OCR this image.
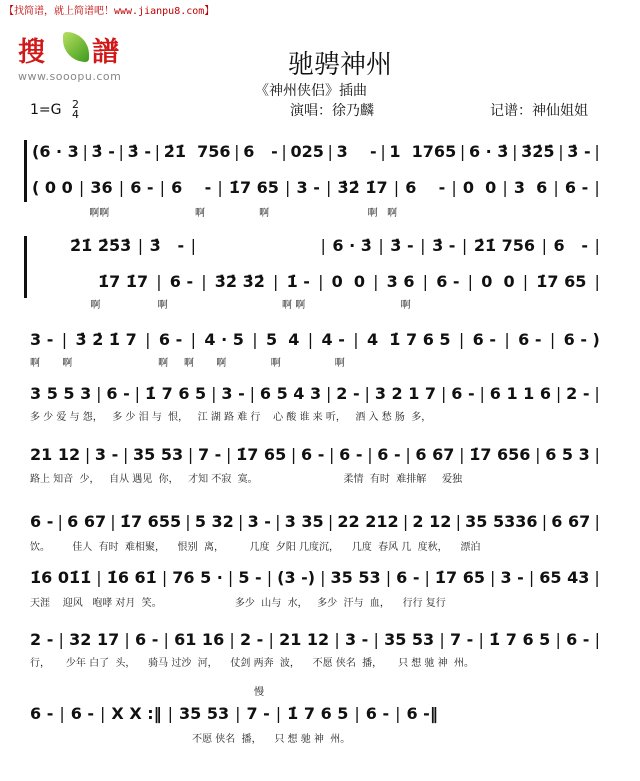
【找简谱，就上简谱吧！www.jianpu8.com】
搜 譜
www.sooopu.com	驰骋神州
《神州侠侣》插曲
1=G 2
4	演唱：徐乃麟	记谱：神仙姐姐
慢
(6 · 3 | 3̇ - | 3̇ - | 2̇1̇  756 | 6   - | 025 | 3    - | 1  1765 | 6 · 3̇ | 3̇2̇5̇ | 3̇ - |
( 0 0 | 36 | 6 - | 6    - | 1̇7 65 | 3 - | 3̇2̇ 1̇7 | 6    - | 0  0 | 3  6 | 6 - |
啊啊                           啊                 啊                               啊   啊
2̇1̇ 2̇5̇3̇ | 3̇   - |
	| 6 · 3̇ | 3̇ - | 3̇ - | 2̇1̇ 756 | 6   - |
1̇7 1̇7 | 6 - | 3̇2̇ 3̇2̇ | 1̇ - | 0  0 | 3 6 | 6 - | 0  0 | 1̇7 65 |
啊                  啊                                    啊 啊                              啊
3 - | 3̇ 2̇ 1̇ 7 | 6 - | 4 · 5 | 5  4 | 4 - | 4  1̇ 7 6 5 | 6 - | 6 - | 6 - )
啊       啊                           啊     啊       啊              啊                 啊
3 5 5 3 | 6 - | 1̇ 7 6 5 | 3 - | 6 5 4 3 | 2 - | 3 2 1 7 | 6 - | 6 1 1 6 | 2 - |
多 少 爱 与 怨，   多 少 泪 与  恨，   江 湖 路 难 行    心 酸 谁 来 听，   酒 入 愁 肠  多，
21 12 | 3 - | 35 53 | 7 - | 1̇7 65 | 6 - | 6 - | 6 - | 6 67 | 1̇7 656 | 6 5 3 |
路上 知音  少，   自从 遇见  你，   才知 不寂  寞。                           柔情  有时  难排解     爱独
6 - | 6 67 | 1̇7 655 | 5 32 | 3 - | 3 35 | 22 212 | 2 12 | 35 5336 | 6 67 |
饮。       佳人  有时  难相聚，    恨别  离，        几度  夕阳 几度沉，    几度  春风 几  度秋，    漂泊
1̇6 01̇1̇ | 1̇6 61̇ | 76 5 · | 5 - | (3 -) | 35 53 | 6 - | 1̇7 65 | 3 - | 65 43 |
天涯    迎风   咆哮 对月  笑。                       多少  山与  水，   多少  汗与  血，    行行 复行
2 - | 32 17 | 6 - | 61 16 | 2 - | 21 12 | 3 - | 35 53 | 7 - | 1̇ 7 6 5 | 6 - |
行，     少年 白了  头，    骑马 过沙  河，    仗剑 两奔  波，    不愿 侠名  播，     只 想 驰 神  州。
6 - | 6 - | X X :‖ | 35 53 | 7 - | 1̇ 7 6 5 | 6 - | 6 -‖
不愿 侠名  播，    只 想 驰 神  州。
